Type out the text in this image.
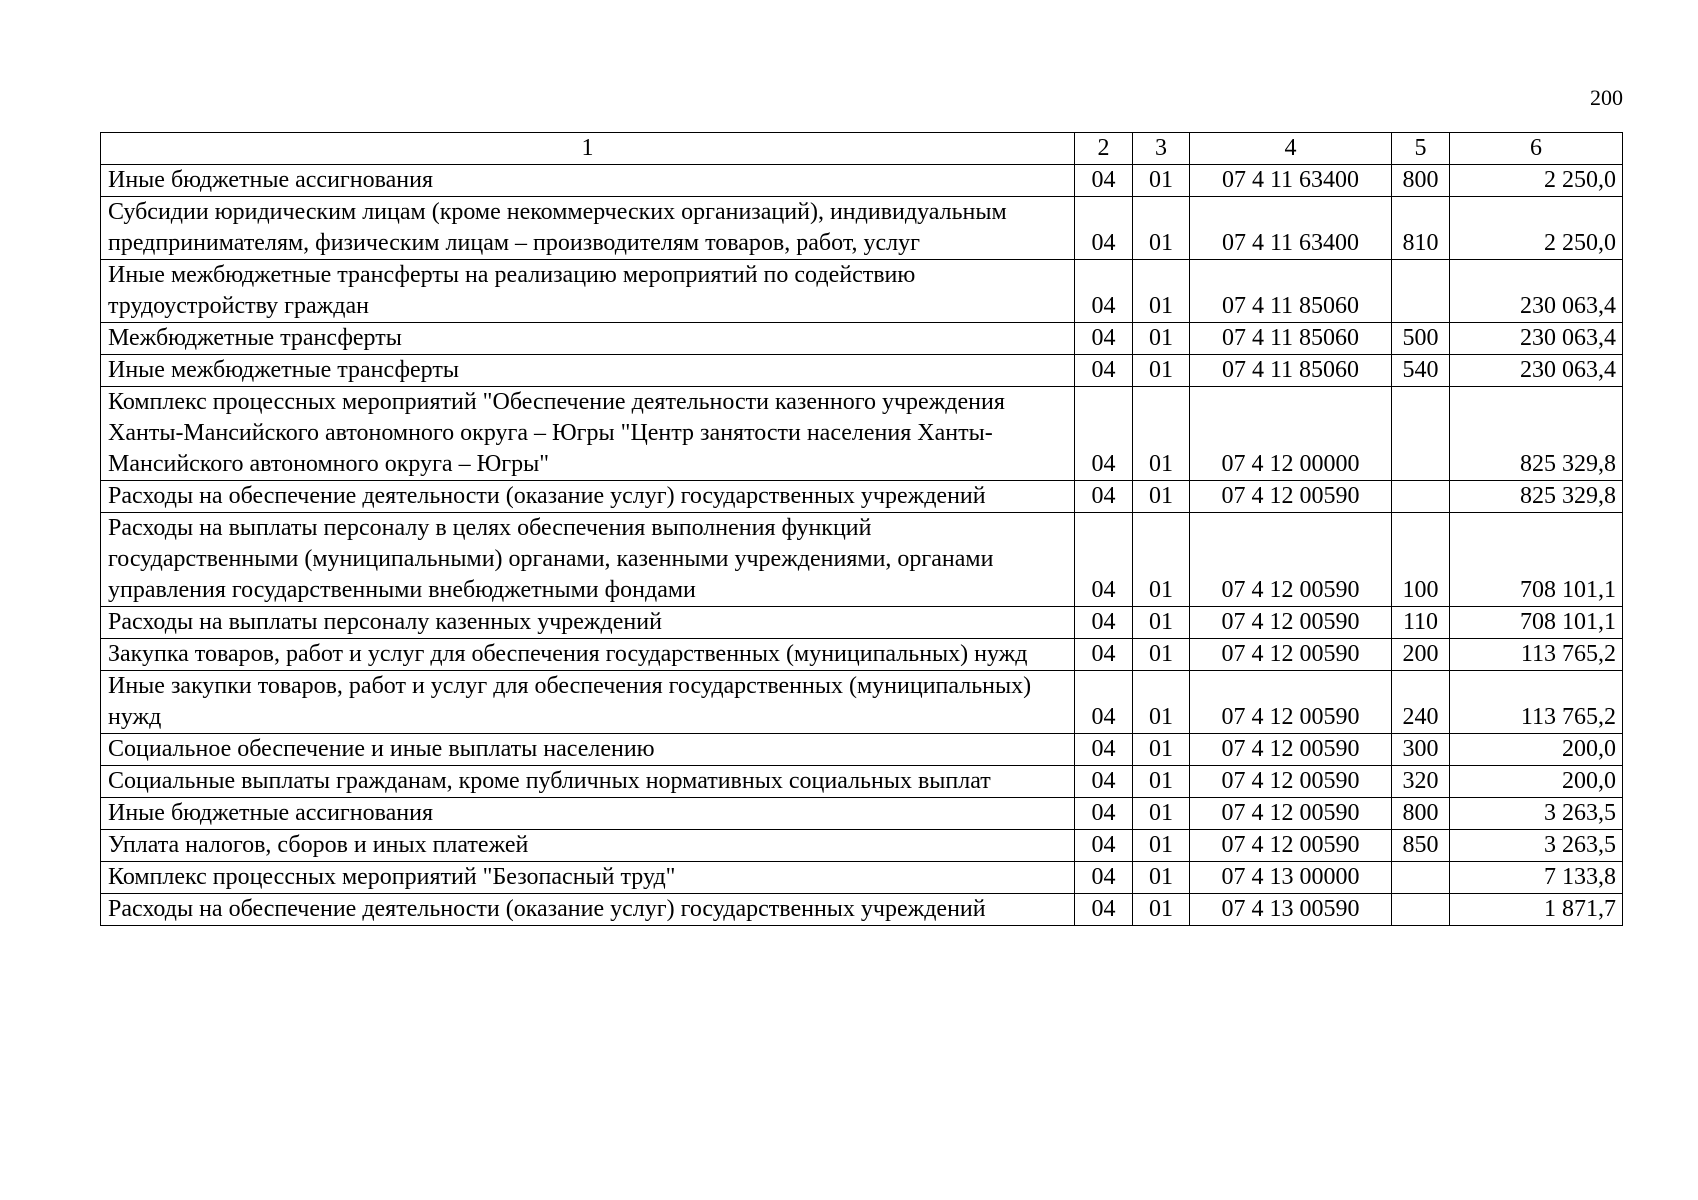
200
1	2	3	4	5	6
Иные бюджетные ассигнования	04	01	07 4 11 63400	800	2 250,0
Субсидии юридическим лицам (кроме некоммерческих организаций), индивидуальным предпринимателям, физическим лицам – производителям товаров, работ, услуг	04	01	07 4 11 63400	810	2 250,0
Иные межбюджетные трансферты на реализацию мероприятий по содействию трудоустройству граждан	04	01	07 4 11 85060		230 063,4
Межбюджетные трансферты	04	01	07 4 11 85060	500	230 063,4
Иные межбюджетные трансферты	04	01	07 4 11 85060	540	230 063,4
Комплекс процессных мероприятий "Обеспечение деятельности казенного учреждения Ханты-Мансийского автономного округа – Югры "Центр занятости населения Ханты-Мансийского автономного округа – Югры"	04	01	07 4 12 00000		825 329,8
Расходы на обеспечение деятельности (оказание услуг) государственных учреждений	04	01	07 4 12 00590		825 329,8
Расходы на выплаты персоналу в целях обеспечения выполнения функций государственными (муниципальными) органами, казенными учреждениями, органами управления государственными внебюджетными фондами	04	01	07 4 12 00590	100	708 101,1
Расходы на выплаты персоналу казенных учреждений	04	01	07 4 12 00590	110	708 101,1
Закупка товаров, работ и услуг для обеспечения государственных (муниципальных) нужд	04	01	07 4 12 00590	200	113 765,2
Иные закупки товаров, работ и услуг для обеспечения государственных (муниципальных) нужд	04	01	07 4 12 00590	240	113 765,2
Социальное обеспечение и иные выплаты населению	04	01	07 4 12 00590	300	200,0
Социальные выплаты гражданам, кроме публичных нормативных социальных выплат	04	01	07 4 12 00590	320	200,0
Иные бюджетные ассигнования	04	01	07 4 12 00590	800	3 263,5
Уплата налогов, сборов и иных платежей	04	01	07 4 12 00590	850	3 263,5
Комплекс процессных мероприятий "Безопасный труд"	04	01	07 4 13 00000		7 133,8
Расходы на обеспечение деятельности (оказание услуг) государственных учреждений	04	01	07 4 13 00590		1 871,7
